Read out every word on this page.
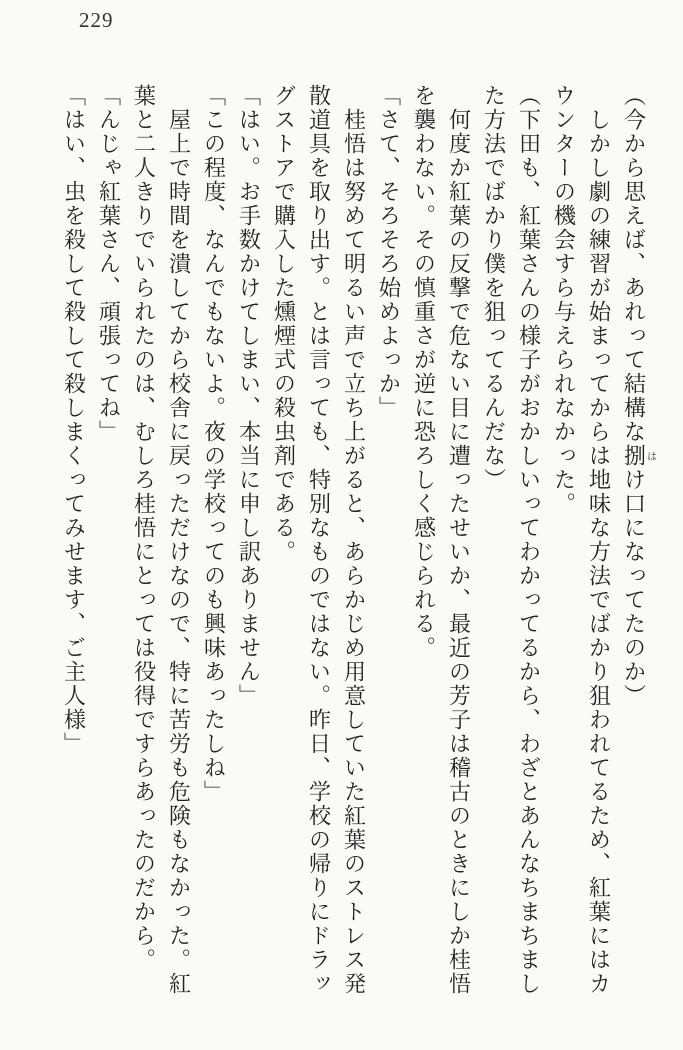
229

（今から思えば、あれって結構な捌はけ口になってたのか）

しかし劇の練習が始まってからは地味な方法でばかり狙われてるため、紅葉にはカ

ウンターの機会すら与えられなかった。

（下田も、紅葉さんの様子がおかしいってわかってるから、わざとあんなちまちまし

た方法でばかり僕を狙ってるんだな）

何度か紅葉の反撃で危ない目に遭ったせいか、最近の芳子は稽古のときにしか桂悟

を襲わない。その慎重さが逆に恐ろしく感じられる。

「さて、そろそろ始めよっか」

桂悟は努めて明るい声で立ち上がると、あらかじめ用意していた紅葉のストレス発

散道具を取り出す。とは言っても、特別なものではない。昨日、学校の帰りにドラッ

グストアで購入した燻煙式の殺虫剤である。

「はい。お手数かけてしまい、本当に申し訳ありません」

「この程度、なんでもないよ。夜の学校ってのも興味あったしね」

屋上で時間を潰してから校舎に戻っただけなので、特に苦労も危険もなかった。紅

葉と二人きりでいられたのは、むしろ桂悟にとっては役得ですらあったのだから。

「んじゃ紅葉さん、頑張ってね」

「はい、虫を殺して殺して殺しまくってみせます、ご主人様」
